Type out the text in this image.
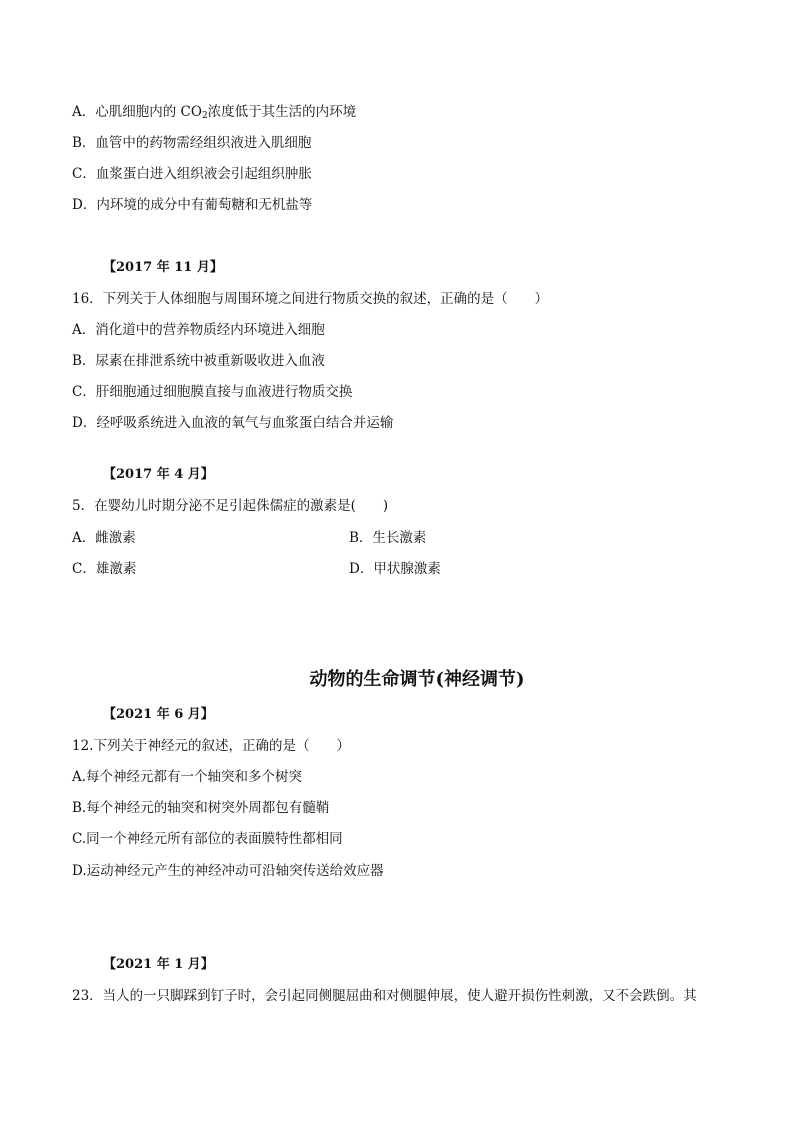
A．心肌细胞内的 $CO_2$浓度低于其生活的内环境
B．血管中的药物需经组织液进入肌细胞
C．血浆蛋白进入组织液会引起组织肿胀
D．内环境的成分中有葡萄糖和无机盐等
【2017 年 11 月】
16．下列关于人体细胞与周围环境之间进行物质交换的叙述，正确的是（　　）
A．消化道中的营养物质经内环境进入细胞
B．尿素在排泄系统中被重新吸收进入血液
C．肝细胞通过细胞膜直接与血液进行物质交换
D．经呼吸系统进入血液的氧气与血浆蛋白结合并运输
【2017 年 4 月】
5．在婴幼儿时期分泌不足引起侏儒症的激素是(　　)
A．雌激素	B．生长激素
C．雄激素	D．甲状腺激素
动物的生命调节(神经调节)
【2021 年 6 月】
12.下列关于神经元的叙述，正确的是（　　）
A.每个神经元都有一个轴突和多个树突
B.每个神经元的轴突和树突外周都包有髓鞘
C.同一个神经元所有部位的表面膜特性都相同
D.运动神经元产生的神经冲动可沿轴突传送给效应器
【2021 年 1 月】
23．当人的一只脚踩到钉子时，会引起同侧腿屈曲和对侧腿伸展，使人避开损伤性刺激，又不会跌倒。其
